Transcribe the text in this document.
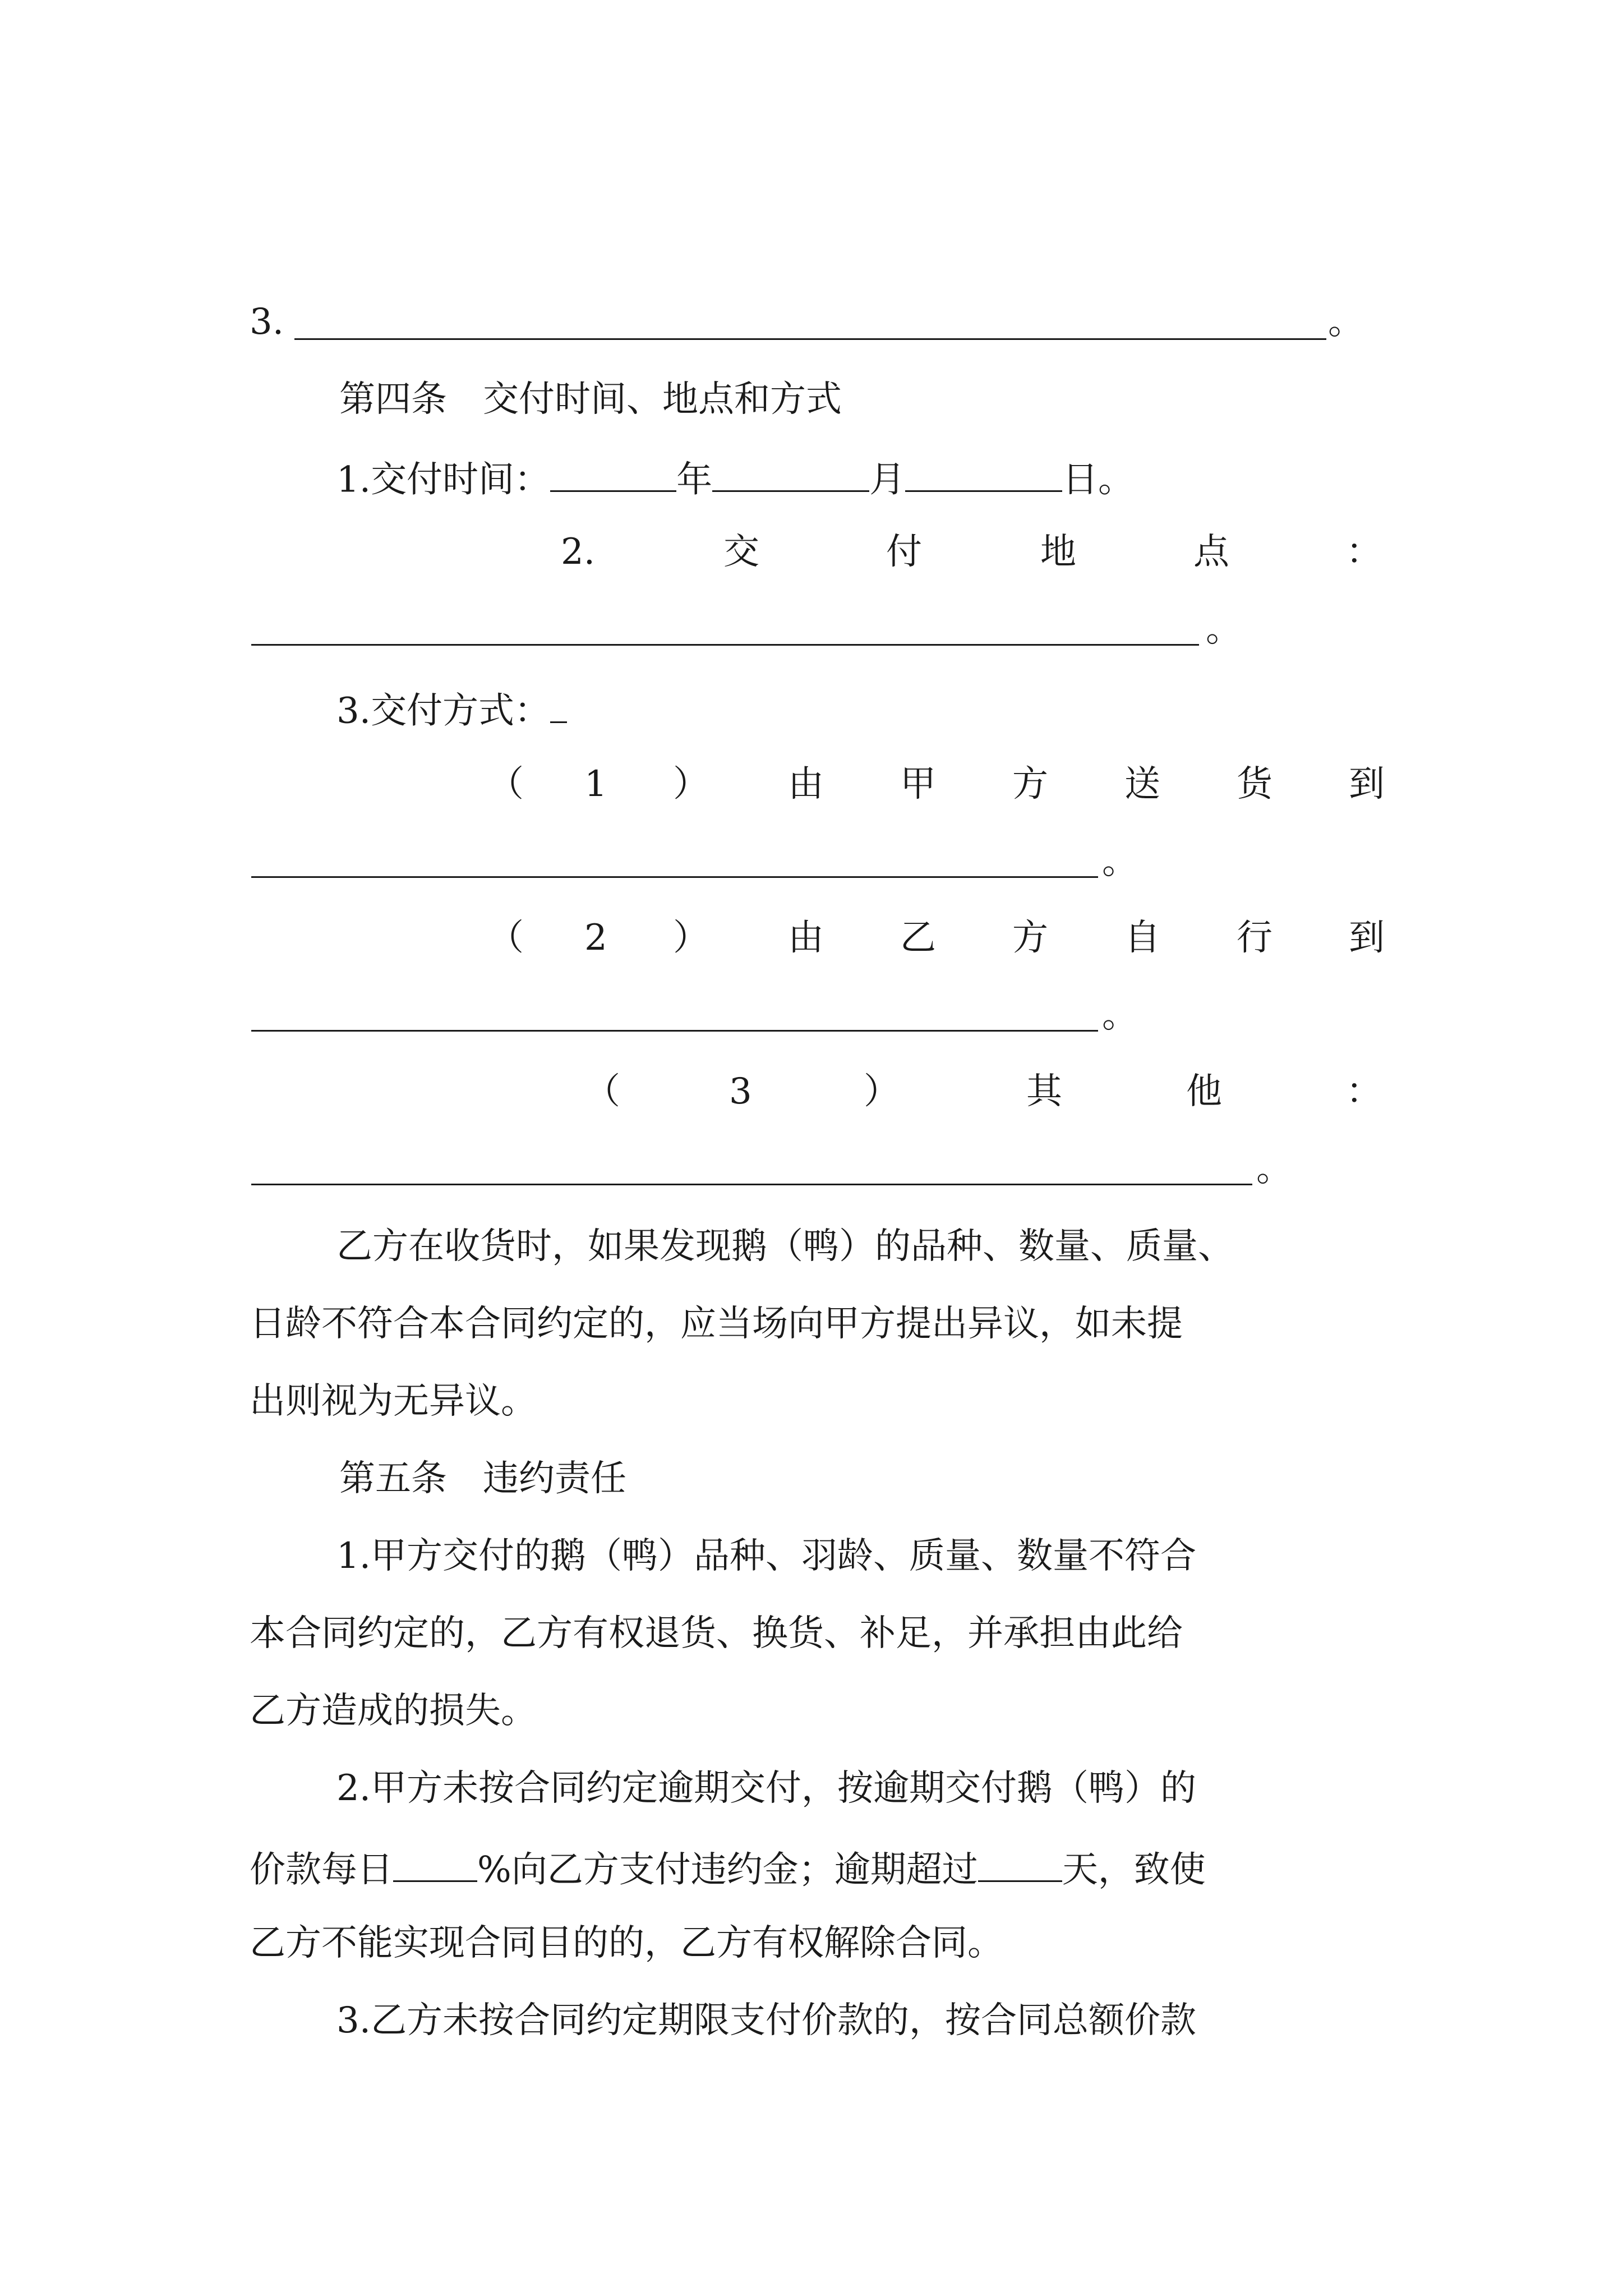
3.	。
第四条　交付时间、地点和方式
1.交付时间：	年	月	日。
2.	交	付	地	点	：
。
3.交付方式：
（ 1 ） 由 甲 方 送 货 到
。
（ 2 ） 由 乙 方 自 行 到
。
（	3	）	其	他	：
。
乙方在收货时，如果发现鹅（鸭）的品种、数量、质量、
日龄不符合本合同约定的，应当场向甲方提出异议，如未提
出则视为无异议。
第五条　违约责任
1.甲方交付的鹅（鸭）品种、羽龄、质量、数量不符合
本合同约定的，乙方有权退货、换货、补足，并承担由此给
乙方造成的损失。
2.甲方未按合同约定逾期交付，按逾期交付鹅（鸭）的
价款每日 %向乙方支付违约金；逾期超过 天，致使
乙方不能实现合同目的的，乙方有权解除合同。
3.乙方未按合同约定期限支付价款的，按合同总额价款
